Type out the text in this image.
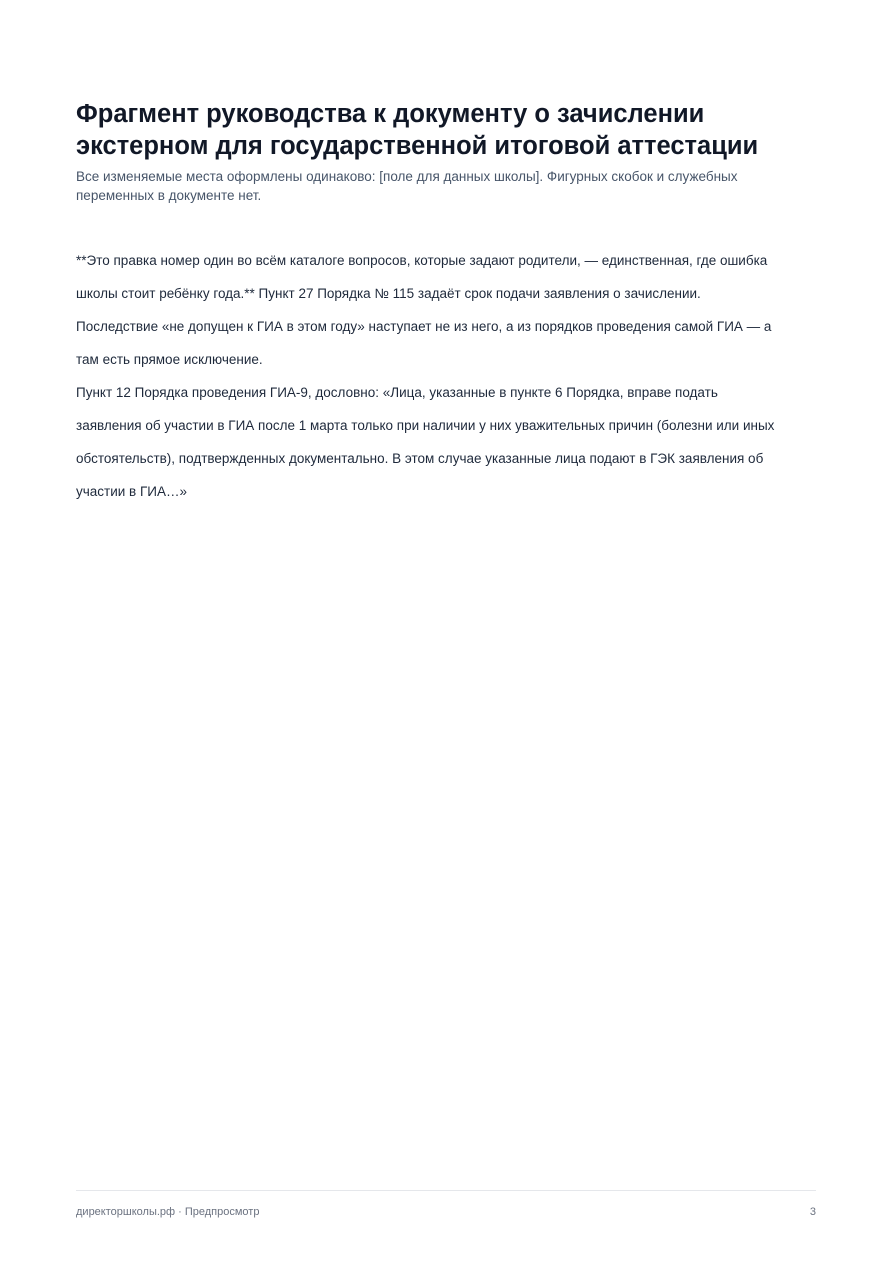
Фрагмент руководства к документу о зачислении экстерном для государственной итоговой аттестации

Все изменяемые места оформлены одинаково: [поле для данных школы]. Фигурных скобок и служебных переменных в документе нет.

**Это правка номер один во всём каталоге вопросов, которые задают родители, — единственная, где ошибка школы стоит ребёнку года.** Пункт 27 Порядка № 115 задаёт срок подачи заявления о зачислении. Последствие «не допущен к ГИА в этом году» наступает не из него, а из порядков проведения самой ГИА — а там есть прямое исключение.

Пункт 12 Порядка проведения ГИА-9, дословно: «Лица, указанные в пункте 6 Порядка, вправе подать заявления об участии в ГИА после 1 марта только при наличии у них уважительных причин (болезни или иных обстоятельств), подтвержденных документально. В этом случае указанные лица подают в ГЭК заявления об участии в ГИА…»

директоршколы.рф · Предпросмотр	3
